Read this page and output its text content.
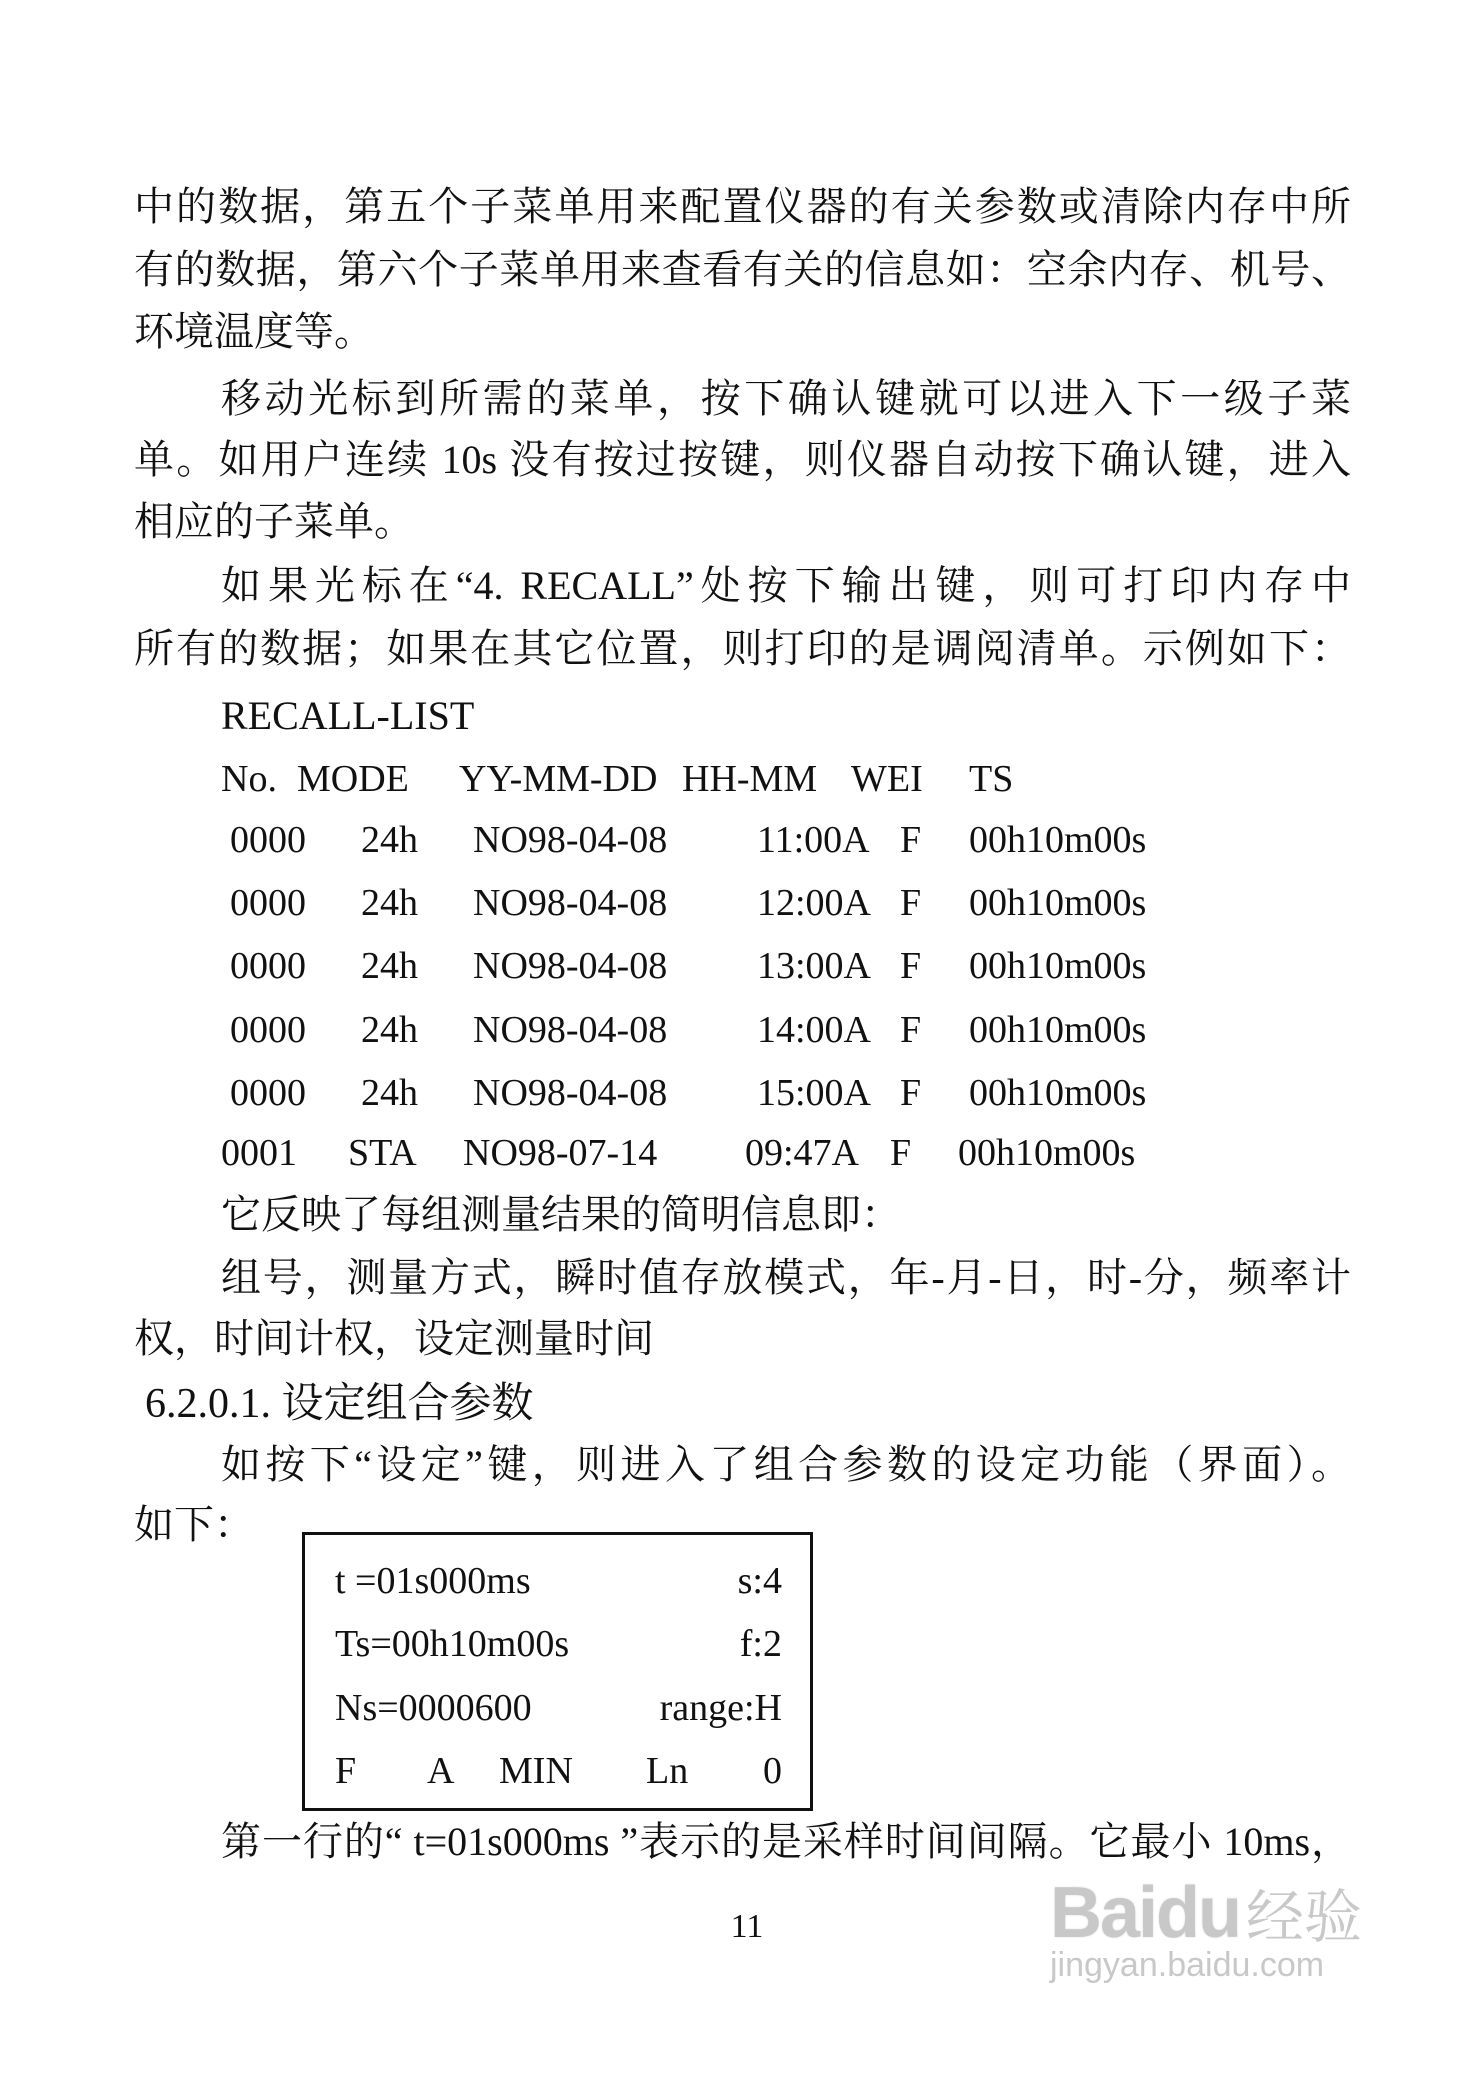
中的数据，第五个子菜单用来配置仪器的有关参数或清除内存中所
有的数据，第六个子菜单用来查看有关的信息如：空余内存、机号、
环境温度等。
移动光标到所需的菜单，按下确认键就可以进入下一级子菜
单。如用户连续 10s 没有按过按键，则仪器自动按下确认键，进入
相应的子菜单。
如果光标在“4. RECALL”处按下输出键，则可打印内存中
所有的数据；如果在其它位置，则打印的是调阅清单。示例如下：
RECALL-LIST
No. MODE YY-MM-DD HH-MM WEI TS
0000 24h NO98-04-08 11:00A F 00h10m00s
0000 24h NO98-04-08 12:00A F 00h10m00s
0000 24h NO98-04-08 13:00A F 00h10m00s
0000 24h NO98-04-08 14:00A F 00h10m00s
0000 24h NO98-04-08 15:00A F 00h10m00s
0001 STA NO98-07-14 09:47A F 00h10m00s
它反映了每组测量结果的简明信息即：
组号，测量方式，瞬时值存放模式，年-月-日，时-分，频率计
权，时间计权，设定测量时间
6.2.0.1. 设定组合参数
如按下“设定”键，则进入了组合参数的设定功能（界面）。
如下：
t =01s000ms	s:4
Ts=00h10m00s	f:2
Ns=0000600	range:H
F A MIN Ln 0
第一行的“ t=01s000ms ”表示的是采样时间间隔。它最小 10ms，
11	Baidu 经验
jingyan.baidu.com
